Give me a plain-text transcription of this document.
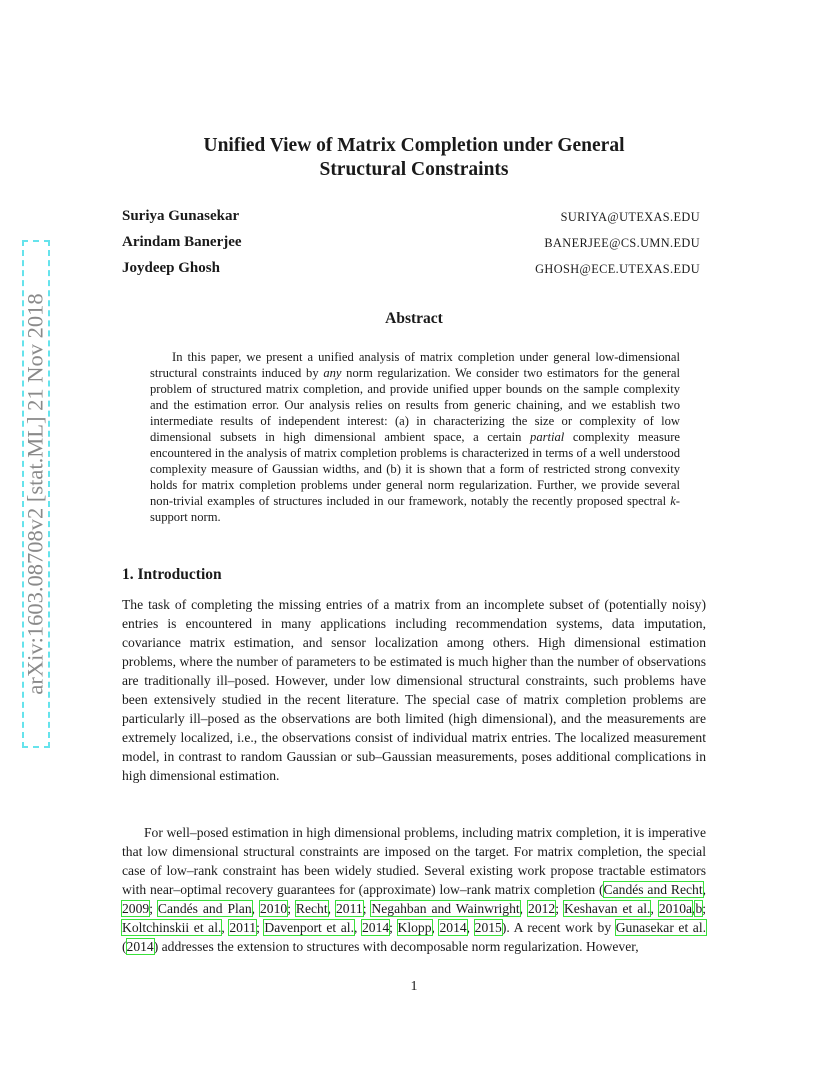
arXiv:1603.08708v2 [stat.ML] 21 Nov 2018
Unified View of Matrix Completion under General
Structural Constraints
Suriya Gunasekar	SURIYA@UTEXAS.EDU
Arindam Banerjee	BANERJEE@CS.UMN.EDU
Joydeep Ghosh	GHOSH@ECE.UTEXAS.EDU
Abstract

In this paper, we present a unified analysis of matrix completion under general low-dimensional structural constraints induced by any norm regularization. We consider two estimators for the general problem of structured matrix completion, and provide unified upper bounds on the sample complexity and the estimation error. Our analysis relies on results from generic chaining, and we establish two intermediate results of independent interest: (a) in characterizing the size or complexity of low dimensional subsets in high dimensional ambient space, a certain partial complexity measure encountered in the analysis of matrix completion problems is characterized in terms of a well understood complexity measure of Gaussian widths, and (b) it is shown that a form of restricted strong convexity holds for matrix completion problems under general norm regularization. Further, we provide several non-trivial examples of structures included in our framework, notably the recently proposed spectral k-support norm.

1. Introduction

The task of completing the missing entries of a matrix from an incomplete subset of (potentially noisy) entries is encountered in many applications including recommendation systems, data imputation, covariance matrix estimation, and sensor localization among others. High dimensional estimation problems, where the number of parameters to be estimated is much higher than the number of observations are traditionally ill–posed. However, under low dimensional structural constraints, such problems have been extensively studied in the recent literature. The special case of matrix completion problems are particularly ill–posed as the observations are both limited (high dimensional), and the measurements are extremely localized, i.e., the observations consist of individual matrix entries. The localized measurement model, in contrast to random Gaussian or sub–Gaussian measurements, poses additional complications in high dimensional estimation.

For well–posed estimation in high dimensional problems, including matrix completion, it is imperative that low dimensional structural constraints are imposed on the target. For matrix completion, the special case of low–rank constraint has been widely studied. Several existing work propose tractable estimators with near–optimal recovery guarantees for (approximate) low–rank matrix completion (Candés and Recht, 2009; Candés and Plan, 2010; Recht, 2011; Negahban and Wainwright, 2012; Keshavan et al., 2010a,b; Koltchinskii et al., 2011; Davenport et al., 2014; Klopp, 2014, 2015). A recent work by Gunasekar et al. (2014) addresses the extension to structures with decomposable norm regularization. However,

1
